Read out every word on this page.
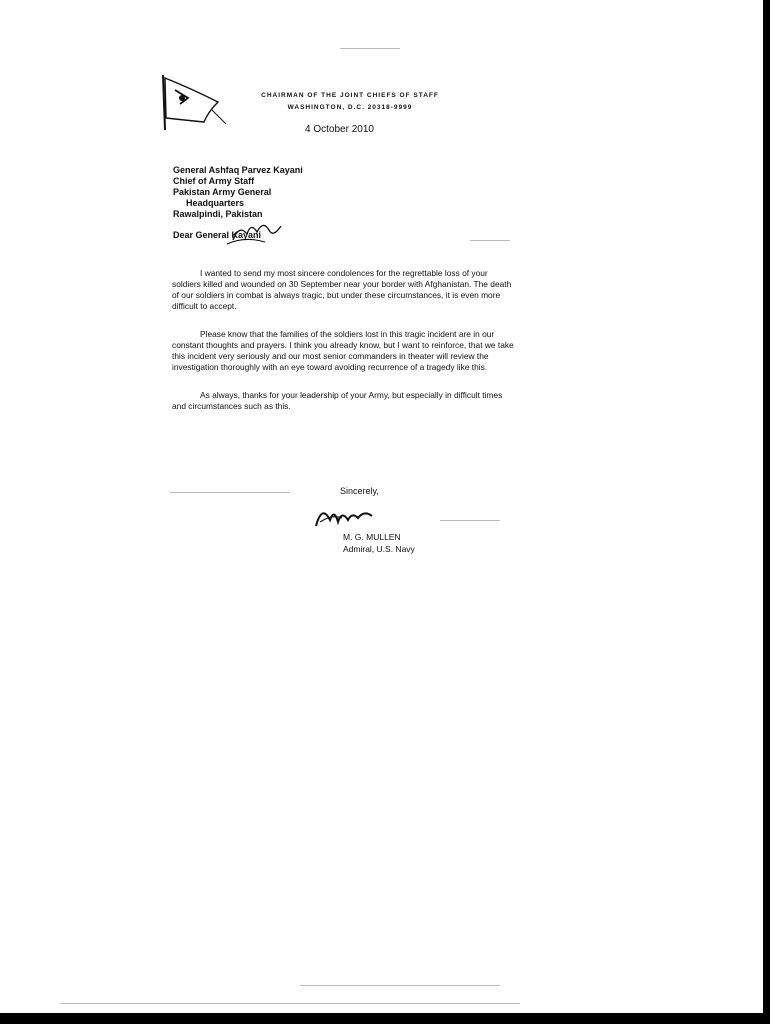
CHAIRMAN OF THE JOINT CHIEFS OF STAFF
WASHINGTON, D.C. 20318-9999
4 October 2010
General Ashfaq Parvez Kayani
Chief of Army Staff
Pakistan Army General
Headquarters
Rawalpindi, Pakistan
Dear General Kayani

I wanted to send my most sincere condolences for the regrettable loss of your soldiers killed and wounded on 30 September near your border with Afghanistan. The death of our soldiers in combat is always tragic, but under these circumstances, it is even more difficult to accept.

Please know that the families of the soldiers lost in this tragic incident are in our constant thoughts and prayers. I think you already know, but I want to reinforce, that we take this incident very seriously and our most senior commanders in theater will review the investigation thoroughly with an eye toward avoiding recurrence of a tragedy like this.

As always, thanks for your leadership of your Army, but especially in difficult times and circumstances such as this.

Sincerely,
M. G. MULLEN
Admiral, U.S. Navy
